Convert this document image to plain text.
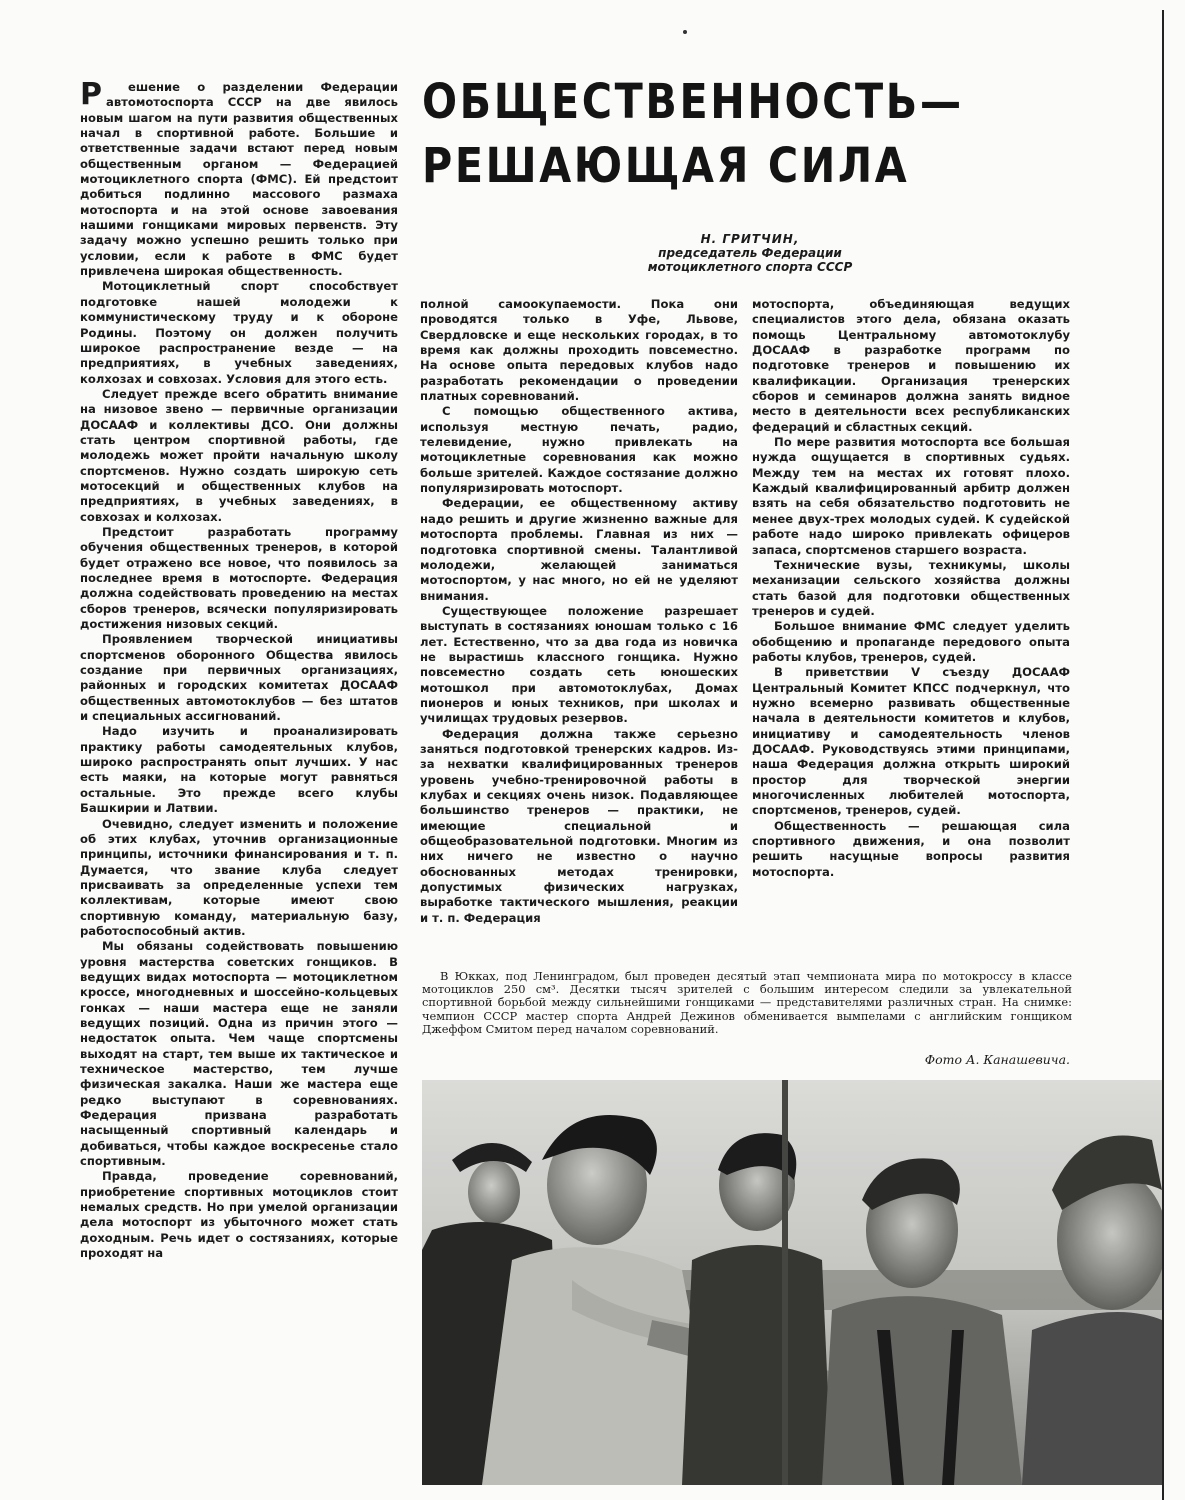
Р ешение о разделении Федерации автомотоспорта СССР на две явилось новым шагом на пути развития общественных начал в спортивной работе. Большие и ответственные задачи встают перед новым общественным органом — Федерацией мотоциклетного спорта (ФМС). Ей предстоит добиться подлинно массового размаха мотоспорта и на этой основе завоевания нашими гонщиками мировых первенств. Эту задачу можно успешно решить только при условии, если к работе в ФМС будет привлечена широкая общественность.

Мотоциклетный спорт способствует подготовке нашей молодежи к коммунистическому труду и к обороне Родины. Поэтому он должен получить широкое распространение везде — на предприятиях, в учебных заведениях, колхозах и совхозах. Условия для этого есть.

Следует прежде всего обратить внимание на низовое звено — первичные организации ДОСААФ и коллективы ДСО. Они должны стать центром спортивной работы, где молодежь может пройти начальную школу спортсменов. Нужно создать широкую сеть мотосекций и общественных клубов на предприятиях, в учебных заведениях, в совхозах и колхозах.

Предстоит разработать программу обучения общественных тренеров, в которой будет отражено все новое, что появилось за последнее время в мотоспорте. Федерация должна содействовать проведению на местах сборов тренеров, всячески популяризировать достижения низовых секций.

Проявлением творческой инициативы спортсменов оборонного Общества явилось создание при первичных организациях, районных и городских комитетах ДОСААФ общественных автомотоклубов — без штатов и специальных ассигнований.

Надо изучить и проанализировать практику работы самодеятельных клубов, широко распространять опыт лучших. У нас есть маяки, на которые могут равняться остальные. Это прежде всего клубы Башкирии и Латвии.

Очевидно, следует изменить и положение об этих клубах, уточнив организационные принципы, источники финансирования и т. п. Думается, что звание клуба следует присваивать за определенные успехи тем коллективам, которые имеют свою спортивную команду, материальную базу, работоспособный актив.

Мы обязаны содействовать повышению уровня мастерства советских гонщиков. В ведущих видах мотоспорта — мотоциклетном кроссе, многодневных и шоссейно-кольцевых гонках — наши мастера еще не заняли ведущих позиций. Одна из причин этого — недостаток опыта. Чем чаще спортсмены выходят на старт, тем выше их тактическое и техническое мастерство, тем лучше физическая закалка. Наши же мастера еще редко выступают в соревнованиях. Федерация призвана разработать насыщенный спортивный календарь и добиваться, чтобы каждое воскресенье стало спортивным.

Правда, проведение соревнований, приобретение спортивных мотоциклов стоит немалых средств. Но при умелой организации дела мотоспорт из убыточного может стать доходным. Речь идет о состязаниях, которые проходят на

ОБЩЕСТВЕННОСТЬ—
РЕШАЮЩАЯ СИЛА
Н. ГРИТЧИН,
председатель Федерации
мотоциклетного спорта СССР

полной самоокупаемости. Пока они проводятся только в Уфе, Львове, Свердловске и еще нескольких городах, в то время как должны проходить повсеместно. На основе опыта передовых клубов надо разработать рекомендации о проведении платных соревнований.

С помощью общественного актива, используя местную печать, радио, телевидение, нужно привлекать на мотоциклетные соревнования как можно больше зрителей. Каждое состязание должно популяризировать мотоспорт.

Федерации, ее общественному активу надо решить и другие жизненно важные для мотоспорта проблемы. Главная из них — подготовка спортивной смены. Талантливой молодежи, желающей заниматься мотоспортом, у нас много, но ей не уделяют внимания.

Существующее положение разрешает выступать в состязаниях юношам только с 16 лет. Естественно, что за два года из новичка не вырастишь классного гонщика. Нужно повсеместно создать сеть юношеских мотошкол при автомотоклубах, Домах пионеров и юных техников, при школах и училищах трудовых резервов.

Федерация должна также серьезно заняться подготовкой тренерских кадров. Из-за нехватки квалифицированных тренеров уровень учебно-тренировочной работы в клубах и секциях очень низок. Подавляющее большинство тренеров — практики, не имеющие специальной и общеобразовательной подготовки. Многим из них ничего не известно о научно обоснованных методах тренировки, допустимых физических нагрузках, выработке тактического мышления, реакции и т. п. Федерация

мотоспорта, объединяющая ведущих специалистов этого дела, обязана оказать помощь Центральному автомотоклубу ДОСААФ в разработке программ по подготовке тренеров и повышению их квалификации. Организация тренерских сборов и семинаров должна занять видное место в деятельности всех республиканских федераций и сбластных секций.

По мере развития мотоспорта все большая нужда ощущается в спортивных судьях. Между тем на местах их готовят плохо. Каждый квалифицированный арбитр должен взять на себя обязательство подготовить не менее двух-трех молодых судей. К судейской работе надо широко привлекать офицеров запаса, спортсменов старшего возраста.

Технические вузы, техникумы, школы механизации сельского хозяйства должны стать базой для подготовки общественных тренеров и судей.

Большое внимание ФМС следует уделить обобщению и пропаганде передового опыта работы клубов, тренеров, судей.

В приветствии V съезду ДОСААФ Центральный Комитет КПСС подчеркнул, что нужно всемерно развивать общественные начала в деятельности комитетов и клубов, инициативу и самодеятельность членов ДОСААФ. Руководствуясь этими принципами, наша Федерация должна открыть широкий простор для творческой энергии многочисленных любителей мотоспорта, спортсменов, тренеров, судей.

Общественность — решающая сила спортивного движения, и она позволит решить насущные вопросы развития мотоспорта.

В Юкках, под Ленинградом, был проведен десятый этап чемпионата мира по мотокроссу в классе мотоциклов 250 см³. Десятки тысяч зрителей с большим интересом следили за увлекательной спортивной борьбой между сильнейшими гонщиками — представителями различных стран. На снимке: чемпион СССР мастер спорта Андрей Дежинов обменивается вымпелами с английским гонщиком Джеффом Смитом перед началом соревнований.

Фото А. Канашевича.
